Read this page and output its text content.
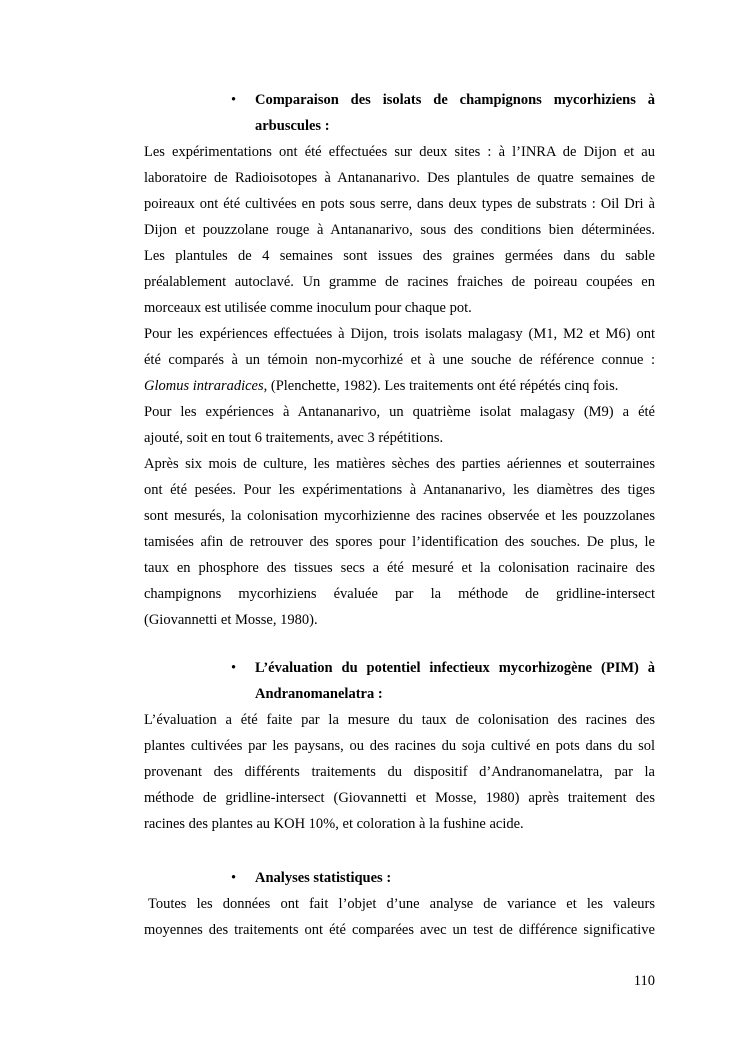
• Comparaison des isolats de champignons mycorhiziens à
arbuscules :
Les expérimentations ont été effectuées sur deux sites : à l’INRA de Dijon et au
laboratoire de Radioisotopes à Antananarivo. Des plantules de quatre semaines de
poireaux ont été cultivées en pots sous serre, dans deux types de substrats : Oil Dri à
Dijon et pouzzolane rouge à Antananarivo, sous des conditions bien déterminées.
Les plantules de 4 semaines sont issues des graines germées dans du sable
préalablement autoclavé. Un gramme de racines fraiches de poireau coupées en
morceaux est utilisée comme inoculum pour chaque pot.
Pour les expériences effectuées à Dijon, trois isolats malagasy (M1, M2 et M6) ont
été comparés à un témoin non-mycorhizé et à une souche de référence connue :
Glomus intraradices, (Plenchette, 1982). Les traitements ont été répétés cinq fois.
Pour les expériences à Antananarivo, un quatrième isolat malagasy (M9) a été
ajouté, soit en tout 6 traitements, avec 3 répétitions.
Après six mois de culture, les matières sèches des parties aériennes et souterraines
ont été pesées. Pour les expérimentations à Antananarivo, les diamètres des tiges
sont mesurés, la colonisation mycorhizienne des racines observée et les pouzzolanes
tamisées afin de retrouver des spores pour l’identification des souches. De plus, le
taux en phosphore des tissues secs a été mesuré et la colonisation racinaire des
champignons mycorhiziens évaluée par la méthode de gridline-intersect
(Giovannetti et Mosse, 1980).
• L’évaluation du potentiel infectieux mycorhizogène (PIM) à
Andranomanelatra :
L’évaluation a été faite par la mesure du taux de colonisation des racines des
plantes cultivées par les paysans, ou des racines du soja cultivé en pots dans du sol
provenant des différents traitements du dispositif d’Andranomanelatra, par la
méthode de gridline-intersect (Giovannetti et Mosse, 1980) après traitement des
racines des plantes au KOH 10%, et coloration à la fushine acide.
• Analyses statistiques :
Toutes les données ont fait l’objet d’une analyse de variance et les valeurs
moyennes des traitements ont été comparées avec un test de différence significative
110
